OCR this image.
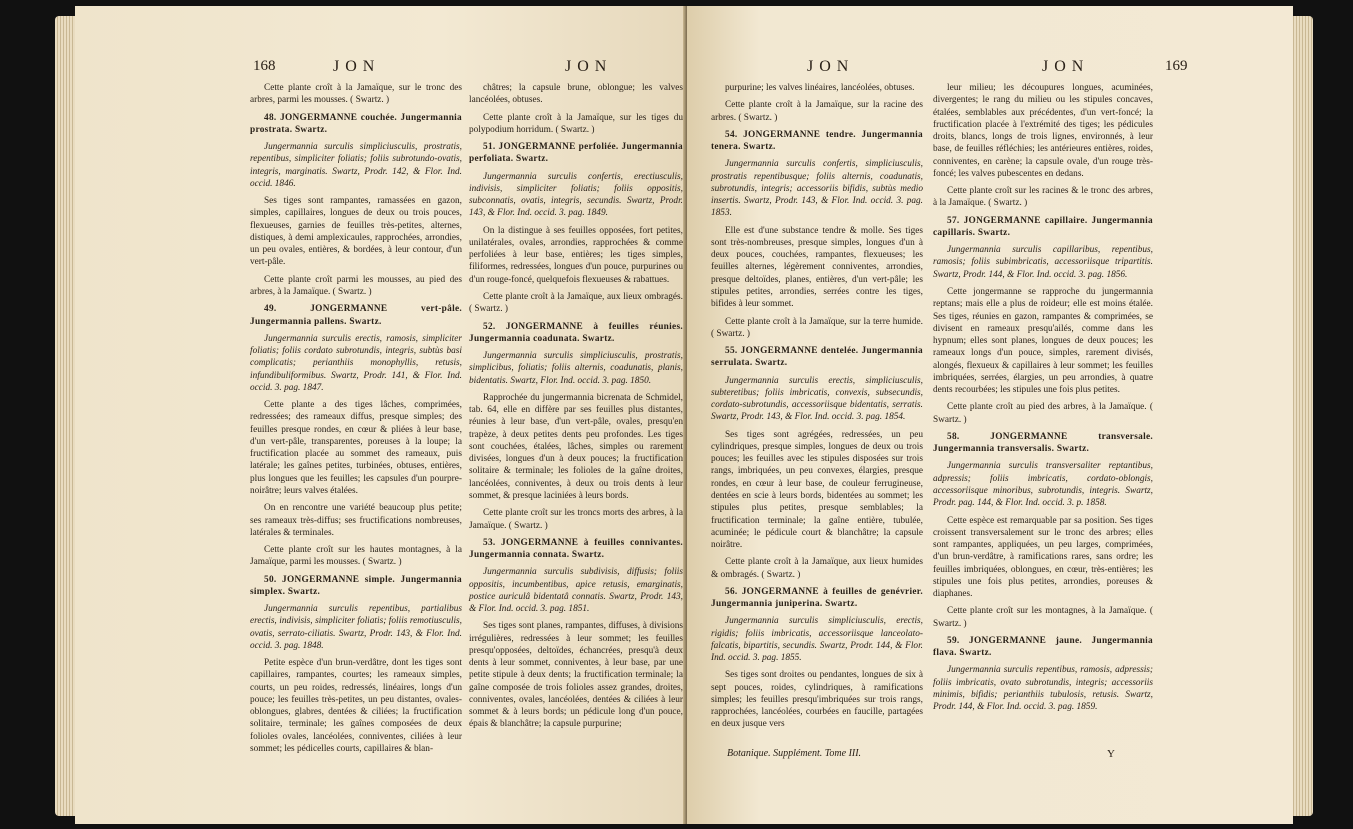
168	JON	JON

Cette plante croît à la Jamaïque, sur le tronc des arbres, parmi les mousses. ( Swartz. )

48. JONGERMANNE couchée. Jungermannia prostrata. Swartz.

Jungermannia surculis simpliciusculis, prostratis, repentibus, simpliciter foliatis; foliis subrotundo-ovatis, integris, marginatis. Swartz, Prodr. 142, & Flor. Ind. occid. 1846.

Ses tiges sont rampantes, ramassées en gazon, simples, capillaires, longues de deux ou trois pouces, flexueuses, garnies de feuilles très-petites, alternes, distiques, à demi amplexicaules, rapprochées, arrondies, un peu ovales, entières, & bordées, à leur contour, d'un vert-pâle.

Cette plante croît parmi les mousses, au pied des arbres, à la Jamaïque. ( Swartz. )

49. JONGERMANNE vert-pâle. Jungermannia pallens. Swartz.

Jungermannia surculis erectis, ramosis, simpliciter foliatis; foliis cordato subrotundis, integris, subtùs basi complicatis; perianthiis monophyllis, retusis, infundibuliformibus. Swartz, Prodr. 141, & Flor. Ind. occid. 3. pag. 1847.

Cette plante a des tiges lâches, comprimées, redressées; des rameaux diffus, presque simples; des feuilles presque rondes, en cœur & pliées à leur base, d'un vert-pâle, transparentes, poreuses à la loupe; la fructification placée au sommet des rameaux, puis latérale; les gaînes petites, turbinées, obtuses, entières, plus longues que les feuilles; les capsules d'un pourpre-noirâtre; leurs valves étalées.

On en rencontre une variété beaucoup plus petite; ses rameaux très-diffus; ses fructifications nombreuses, latérales & terminales.

Cette plante croît sur les hautes montagnes, à la Jamaïque, parmi les mousses. ( Swartz. )

50. JONGERMANNE simple. Jungermannia simplex. Swartz.

Jungermannia surculis repentibus, partialibus erectis, indivisis, simpliciter foliatis; foliis remotiusculis, ovatis, serrato-ciliatis. Swartz, Prodr. 143, & Flor. Ind. occid. 3. pag. 1848.

Petite espèce d'un brun-verdâtre, dont les tiges sont capillaires, rampantes, courtes; les rameaux simples, courts, un peu roides, redressés, linéaires, longs d'un pouce; les feuilles très-petites, un peu distantes, ovales-oblongues, glabres, dentées & ciliées; la fructification solitaire, terminale; les gaînes composées de deux folioles ovales, lancéolées, conniventes, ciliées à leur sommet; les pédicelles courts, capillaires & blan-

châtres; la capsule brune, oblongue; les valves lancéolées, obtuses.

Cette plante croît à la Jamaïque, sur les tiges du polypodium horridum. ( Swartz. )

51. JONGERMANNE perfoliée. Jungermannia perfoliata. Swartz.

Jungermannia surculis confertis, erectiusculis, indivisis, simpliciter foliatis; foliis oppositis, subconnatis, ovatis, integris, secundis. Swartz, Prodr. 143, & Flor. Ind. occid. 3. pag. 1849.

On la distingue à ses feuilles opposées, fort petites, unilatérales, ovales, arrondies, rapprochées & comme perfoliées à leur base, entières; les tiges simples, filiformes, redressées, longues d'un pouce, purpurines ou d'un rouge-foncé, quelquefois flexueuses & rabattues.

Cette plante croît à la Jamaïque, aux lieux ombragés. ( Swartz. )

52. JONGERMANNE à feuilles réunies. Jungermannia coadunata. Swartz.

Jungermannia surculis simpliciusculis, prostratis, simplicibus, foliatis; foliis alternis, coadunatis, planis, bidentatis. Swartz, Flor. Ind. occid. 3. pag. 1850.

Rapprochée du jungermannia bicrenata de Schmidel, tab. 64, elle en diffère par ses feuilles plus distantes, réunies à leur base, d'un vert-pâle, ovales, presqu'en trapèze, à deux petites dents peu profondes. Les tiges sont couchées, étalées, lâches, simples ou rarement divisées, longues d'un à deux pouces; la fructification solitaire & terminale; les folioles de la gaîne droites, lancéolées, conniventes, à deux ou trois dents à leur sommet, & presque laciniées à leurs bords.

Cette plante croît sur les troncs morts des arbres, à la Jamaïque. ( Swartz. )

53. JONGERMANNE à feuilles connivantes. Jungermannia connata. Swartz.

Jungermannia surculis subdivisis, diffusis; foliis oppositis, incumbentibus, apice retusis, emarginatis, postice auriculâ bidentatâ connatis. Swartz, Prodr. 143, & Flor. Ind. occid. 3. pag. 1851.

Ses tiges sont planes, rampantes, diffuses, à divisions irrégulières, redressées à leur sommet; les feuilles presqu'opposées, deltoïdes, échancrées, presqu'à deux dents à leur sommet, conniventes, à leur base, par une petite stipule à deux dents; la fructification terminale; la gaîne composée de trois folioles assez grandes, droites, conniventes, ovales, lancéolées, dentées & ciliées à leur sommet & à leurs bords; un pédicule long d'un pouce, épais & blanchâtre; la capsule purpurine;

JON	JON	169

purpurine; les valves linéaires, lancéolées, obtuses.

Cette plante croît à la Jamaïque, sur la racine des arbres. ( Swartz. )

54. JONGERMANNE tendre. Jungermannia tenera. Swartz.

Jungermannia surculis confertis, simpliciusculis, prostratis repentibusque; foliis alternis, coadunatis, subrotundis, integris; accessoriis bifidis, subtùs medio insertis. Swartz, Prodr. 143, & Flor. Ind. occid. 3. pag. 1853.

Elle est d'une substance tendre & molle. Ses tiges sont très-nombreuses, presque simples, longues d'un à deux pouces, couchées, rampantes, flexueuses; les feuilles alternes, légèrement conniventes, arrondies, presque deltoïdes, planes, entières, d'un vert-pâle; les stipules petites, arrondies, serrées contre les tiges, bifides à leur sommet.

Cette plante croît à la Jamaïque, sur la terre humide. ( Swartz. )

55. JONGERMANNE dentelée. Jungermannia serrulata. Swartz.

Jungermannia surculis erectis, simpliciusculis, subteretibus; foliis imbricatis, convexis, subsecundis, cordato-subrotundis, accessoriisque bidentatis, serratis. Swartz, Prodr. 143, & Flor. Ind. occid. 3. pag. 1854.

Ses tiges sont agrégées, redressées, un peu cylindriques, presque simples, longues de deux ou trois pouces; les feuilles avec les stipules disposées sur trois rangs, imbriquées, un peu convexes, élargies, presque rondes, en cœur à leur base, de couleur ferrugineuse, dentées en scie à leurs bords, bidentées au sommet; les stipules plus petites, presque semblables; la fructification terminale; la gaîne entière, tubulée, acuminée; le pédicule court & blanchâtre; la capsule noirâtre.

Cette plante croît à la Jamaïque, aux lieux humides & ombragés. ( Swartz. )

56. JONGERMANNE à feuilles de genévrier. Jungermannia juniperina. Swartz.

Jungermannia surculis simpliciusculis, erectis, rigidis; foliis imbricatis, accessoriisque lanceolato-falcatis, bipartitis, secundis. Swartz, Prodr. 144, & Flor. Ind. occid. 3. pag. 1855.

Ses tiges sont droites ou pendantes, longues de six à sept pouces, roides, cylindriques, à ramifications simples; les feuilles presqu'imbriquées sur trois rangs, rapprochées, lancéolées, courbées en faucille, partagées en deux jusque vers

leur milieu; les découpures longues, acuminées, divergentes; le rang du milieu ou les stipules concaves, étalées, semblables aux précédentes, d'un vert-foncé; la fructification placée à l'extrémité des tiges; les pédicules droits, blancs, longs de trois lignes, environnés, à leur base, de feuilles réfléchies; les antérieures entières, roides, conniventes, en carène; la capsule ovale, d'un rouge très-foncé; les valves pubescentes en dedans.

Cette plante croît sur les racines & le tronc des arbres, à la Jamaïque. ( Swartz. )

57. JONGERMANNE capillaire. Jungermannia capillaris. Swartz.

Jungermannia surculis capillaribus, repentibus, ramosis; foliis subimbricatis, accessoriisque tripartitis. Swartz, Prodr. 144, & Flor. Ind. occid. 3. pag. 1856.

Cette jongermanne se rapproche du jungermannia reptans; mais elle a plus de roideur; elle est moins étalée. Ses tiges, réunies en gazon, rampantes & comprimées, se divisent en rameaux presqu'ailés, comme dans les hypnum; elles sont planes, longues de deux pouces; les rameaux longs d'un pouce, simples, rarement divisés, alongés, flexueux & capillaires à leur sommet; les feuilles imbriquées, serrées, élargies, un peu arrondies, à quatre dents recourbées; les stipules une fois plus petites.

Cette plante croît au pied des arbres, à la Jamaïque. ( Swartz. )

58. JONGERMANNE transversale. Jungermannia transversalis. Swartz.

Jungermannia surculis transversaliter reptantibus, adpressis; foliis imbricatis, cordato-oblongis, accessoriisque minoribus, subrotundis, integris. Swartz, Prodr. pag. 144, & Flor. Ind. occid. 3. p. 1858.

Cette espèce est remarquable par sa position. Ses tiges croissent transversalement sur le tronc des arbres; elles sont rampantes, appliquées, un peu larges, comprimées, d'un brun-verdâtre, à ramifications rares, sans ordre; les feuilles imbriquées, oblongues, en cœur, très-entières; les stipules une fois plus petites, arrondies, poreuses & diaphanes.

Cette plante croît sur les montagnes, à la Jamaïque. ( Swartz. )

59. JONGERMANNE jaune. Jungermannia flava. Swartz.

Jungermannia surculis repentibus, ramosis, adpressis; foliis imbricatis, ovato subrotundis, integris; accessoriis minimis, bifidis; perianthiis tubulosis, retusis. Swartz, Prodr. 144, & Flor. Ind. occid. 3. pag. 1859.

Botanique. Supplément. Tome III.	Y
